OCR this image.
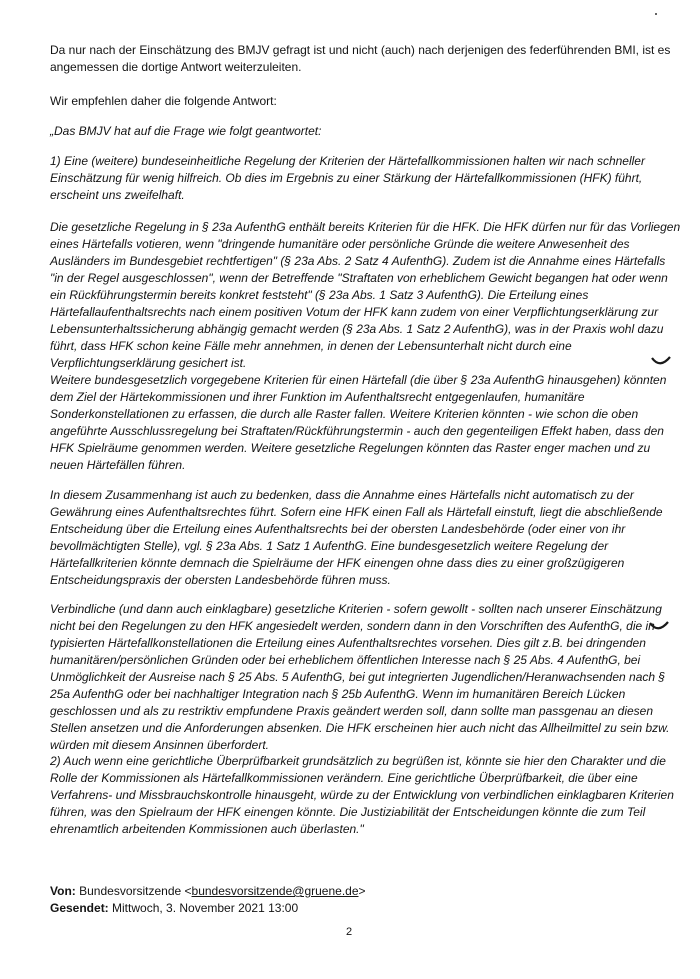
Da nur nach der Einschätzung des BMJV gefragt ist und nicht (auch) nach derjenigen des federführenden BMI, ist es angemessen die dortige Antwort weiterzuleiten.

Wir empfehlen daher die folgende Antwort:

„Das BMJV hat auf die Frage wie folgt geantwortet:

1) Eine (weitere) bundeseinheitliche Regelung der Kriterien der Härtefallkommissionen halten wir nach schneller Einschätzung für wenig hilfreich. Ob dies im Ergebnis zu einer Stärkung der Härtefallkommissionen (HFK) führt, erscheint uns zweifelhaft.

Die gesetzliche Regelung in § 23a AufenthG enthält bereits Kriterien für die HFK. Die HFK dürfen nur für das Vorliegen eines Härtefalls votieren, wenn "dringende humanitäre oder persönliche Gründe die weitere Anwesenheit des Ausländers im Bundesgebiet rechtfertigen" (§ 23a Abs. 2 Satz 4 AufenthG). Zudem ist die Annahme eines Härtefalls "in der Regel ausgeschlossen", wenn der Betreffende "Straftaten von erheblichem Gewicht begangen hat oder wenn ein Rückführungstermin bereits konkret feststeht" (§ 23a Abs. 1 Satz 3 AufenthG). Die Erteilung eines Härtefallaufenthaltsrechts nach einem positiven Votum der HFK kann zudem von einer Verpflichtungserklärung zur Lebensunterhaltssicherung abhängig gemacht werden (§ 23a Abs. 1 Satz 2 AufenthG), was in der Praxis wohl dazu führt, dass HFK schon keine Fälle mehr annehmen, in denen der Lebensunterhalt nicht durch eine Verpflichtungserklärung gesichert ist.

Weitere bundesgesetzlich vorgegebene Kriterien für einen Härtefall (die über § 23a AufenthG hinausgehen) könnten dem Ziel der Härtekommissionen und ihrer Funktion im Aufenthaltsrecht entgegenlaufen, humanitäre Sonderkonstellationen zu erfassen, die durch alle Raster fallen. Weitere Kriterien könnten - wie schon die oben angeführte Ausschlussregelung bei Straftaten/Rückführungstermin - auch den gegenteiligen Effekt haben, dass den HFK Spielräume genommen werden. Weitere gesetzliche Regelungen könnten das Raster enger machen und zu neuen Härtefällen führen.

In diesem Zusammenhang ist auch zu bedenken, dass die Annahme eines Härtefalls nicht automatisch zu der Gewährung eines Aufenthaltsrechtes führt. Sofern eine HFK einen Fall als Härtefall einstuft, liegt die abschließende Entscheidung über die Erteilung eines Aufenthaltsrechts bei der obersten Landesbehörde (oder einer von ihr bevollmächtigten Stelle), vgl. § 23a Abs. 1 Satz 1 AufenthG. Eine bundesgesetzlich weitere Regelung der Härtefallkriterien könnte demnach die Spielräume der HFK einengen ohne dass dies zu einer großzügigeren Entscheidungspraxis der obersten Landesbehörde führen muss.

Verbindliche (und dann auch einklagbare) gesetzliche Kriterien - sofern gewollt - sollten nach unserer Einschätzung nicht bei den Regelungen zu den HFK angesiedelt werden, sondern dann in den Vorschriften des AufenthG, die in typisierten Härtefallkonstellationen die Erteilung eines Aufenthaltsrechtes vorsehen. Dies gilt z.B. bei dringenden humanitären/persönlichen Gründen oder bei erheblichem öffentlichen Interesse nach § 25 Abs. 4 AufenthG, bei Unmöglichkeit der Ausreise nach § 25 Abs. 5 AufenthG, bei gut integrierten Jugendlichen/Heranwachsenden nach § 25a AufenthG oder bei nachhaltiger Integration nach § 25b AufenthG. Wenn im humanitären Bereich Lücken geschlossen und als zu restriktiv empfundene Praxis geändert werden soll, dann sollte man passgenau an diesen Stellen ansetzen und die Anforderungen absenken. Die HFK erscheinen hier auch nicht das Allheilmittel zu sein bzw. würden mit diesem Ansinnen überfordert.

2) Auch wenn eine gerichtliche Überprüfbarkeit grundsätzlich zu begrüßen ist, könnte sie hier den Charakter und die Rolle der Kommissionen als Härtefallkommissionen verändern. Eine gerichtliche Überprüfbarkeit, die über eine Verfahrens- und Missbrauchskontrolle hinausgeht, würde zu der Entwicklung von verbindlichen einklagbaren Kriterien führen, was den Spielraum der HFK einengen könnte. Die Justiziabilität der Entscheidungen könnte die zum Teil ehrenamtlich arbeitenden Kommissionen auch überlasten."

Von: Bundesvorsitzende <bundesvorsitzende@gruene.de>
Gesendet: Mittwoch, 3. November 2021 13:00
2
